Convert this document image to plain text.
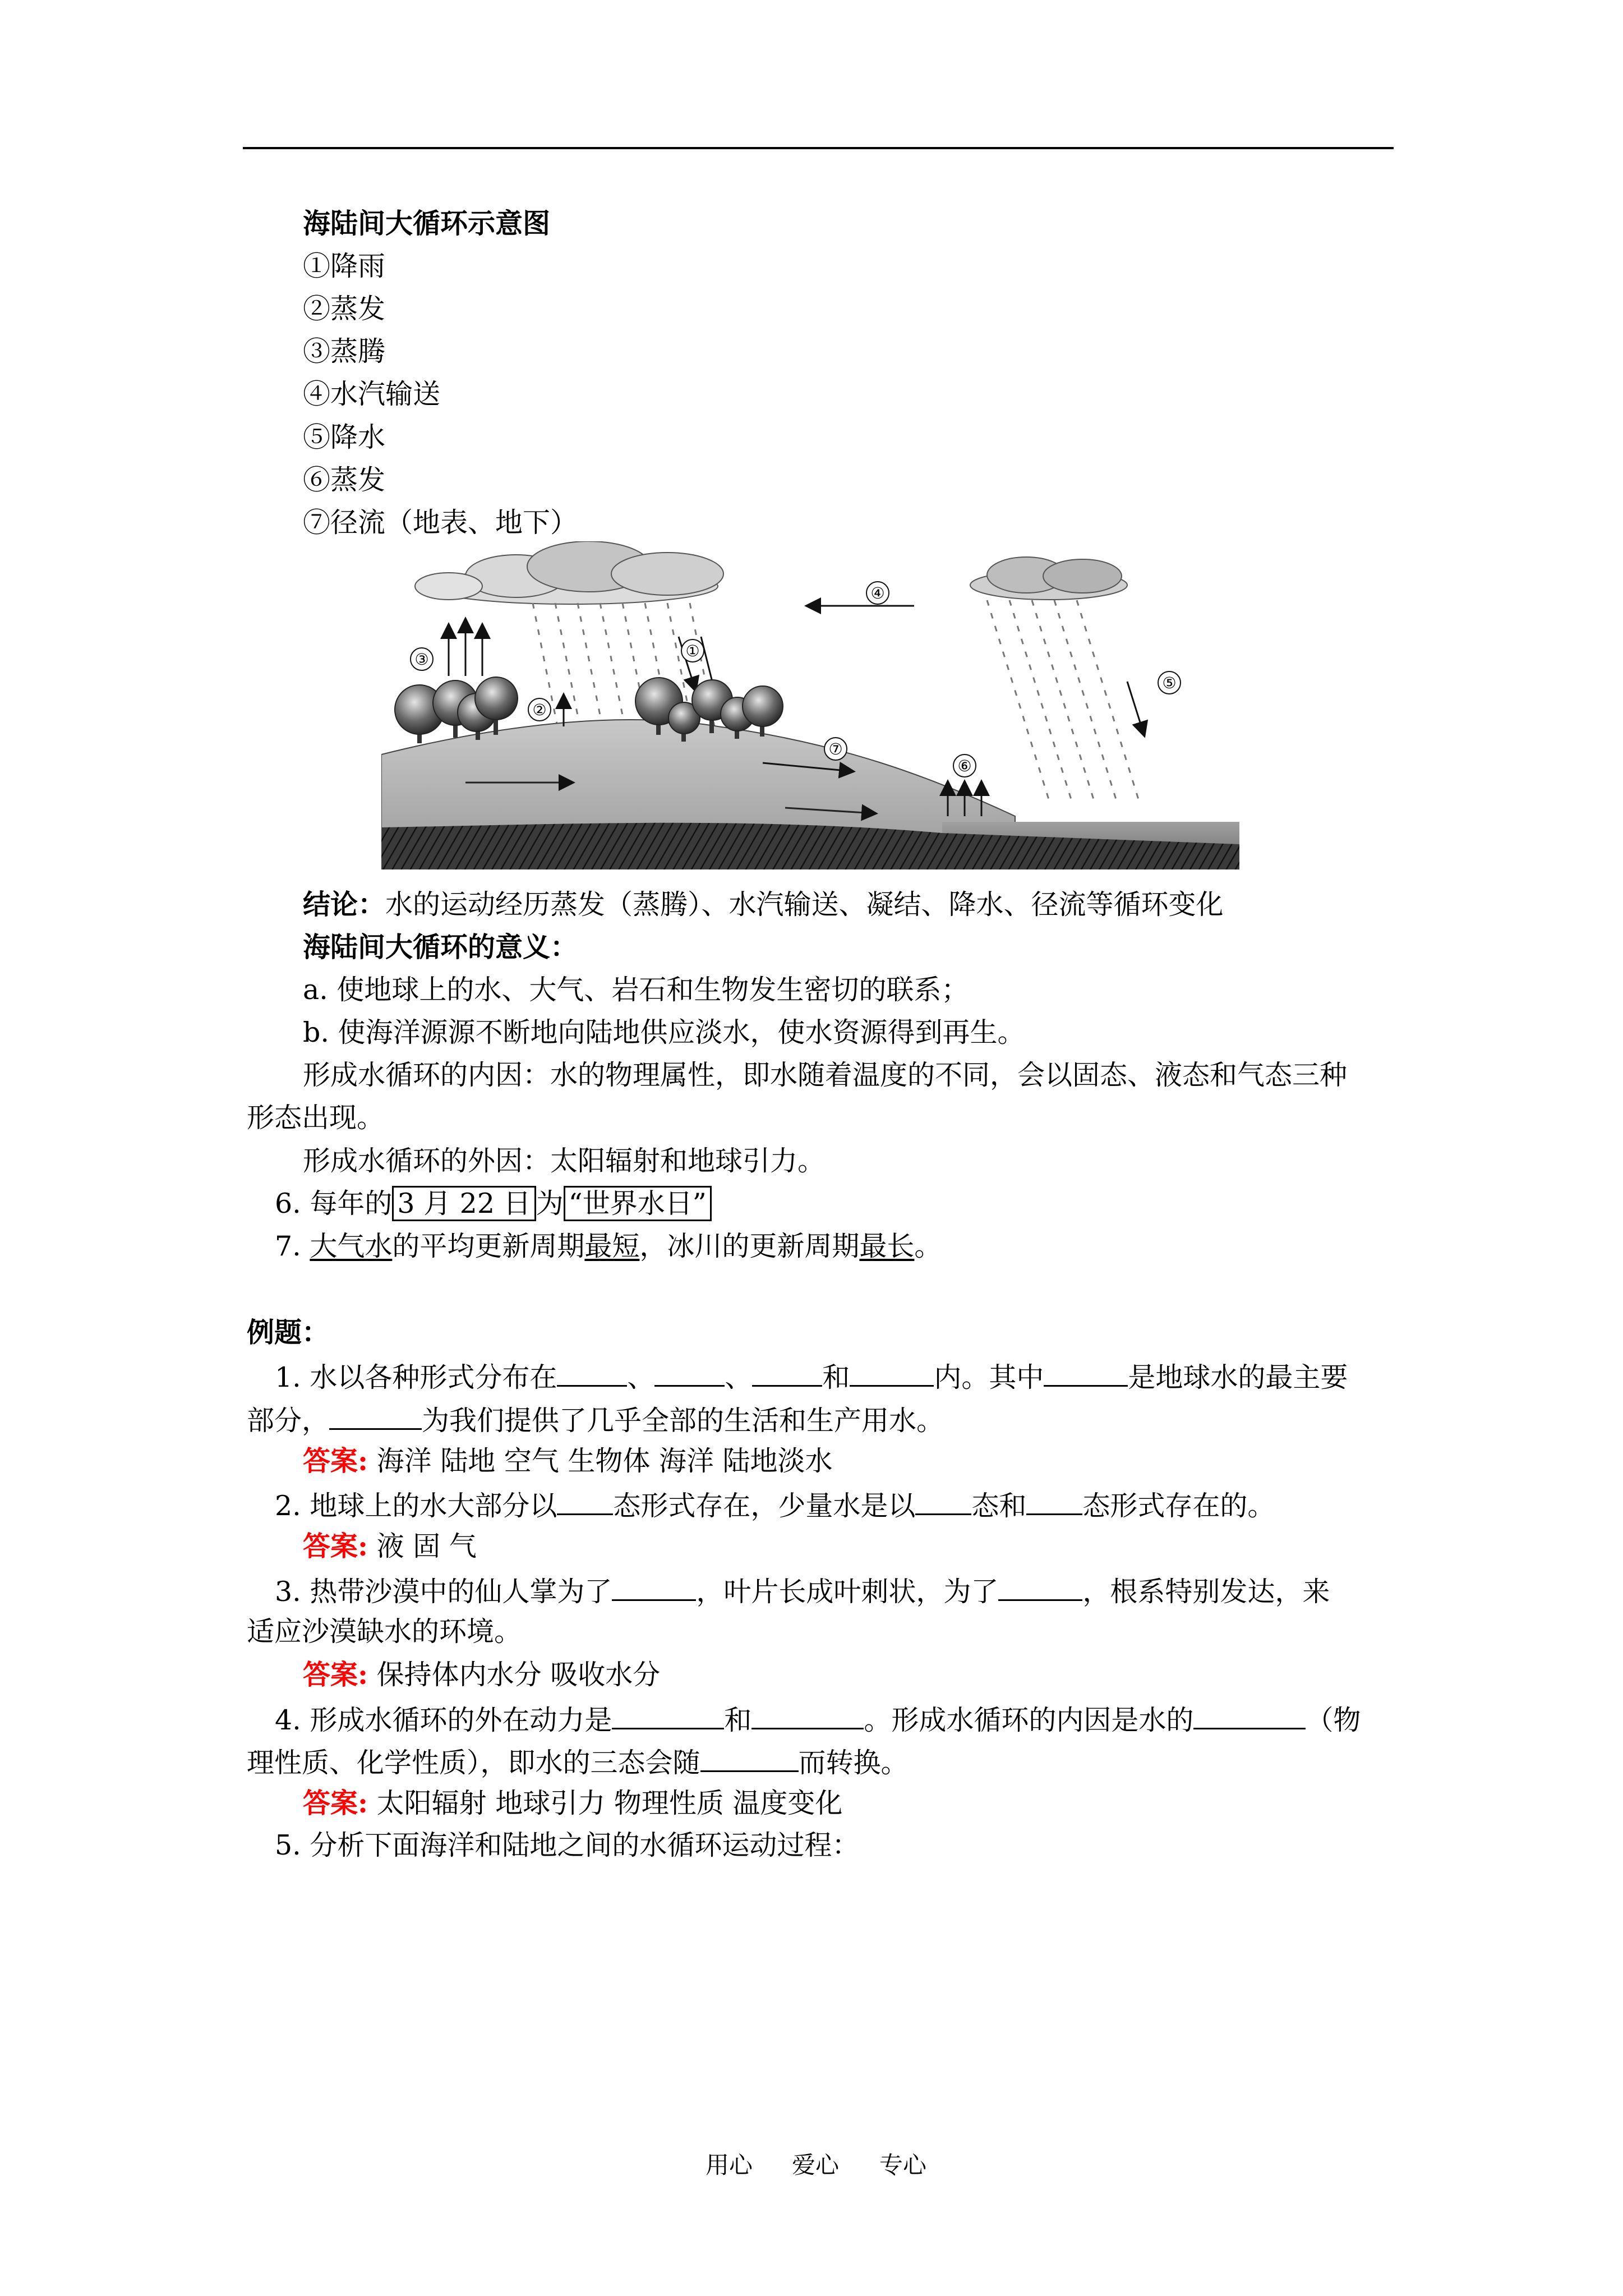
海陆间大循环示意图
①降雨
②蒸发
③蒸腾
④水汽输送
⑤降水
⑥蒸发
⑦径流（地表、地下）
④
①
⑤
③
⑦
②
⑥
结论：水的运动经历蒸发（蒸腾）、水汽输送、凝结、降水、径流等循环变化
海陆间大循环的意义：
a. 使地球上的水、大气、岩石和生物发生密切的联系；
b. 使海洋源源不断地向陆地供应淡水，使水资源得到再生。
形成水循环的内因：水的物理属性，即水随着温度的不同，会以固态、液态和气态三种
形态出现。
形成水循环的外因：太阳辐射和地球引力。
6. 每年的 3 月 22 日 为 “世界水日”
7. 大气水的平均更新周期最短，冰川的更新周期最长。
例题：
1. 水以各种形式分布在	、	、	和	内。其中	是地球水的最主要
部分，	为我们提供了几乎全部的生活和生产用水。
答案: 海洋 陆地 空气 生物体 海洋 陆地淡水
2. 地球上的水大部分以 态形式存在，少量水是以 态和 态形式存在的。
答案: 液 固 气
3. 热带沙漠中的仙人掌为了	，叶片长成叶刺状，为了	，根系特别发达，来
适应沙漠缺水的环境。
答案: 保持体内水分 吸收水分
4. 形成水循环的外在动力是	和	。形成水循环的内因是水的	（物
理性质、化学性质），即水的三态会随	而转换。
答案: 太阳辐射 地球引力 物理性质 温度变化
5. 分析下面海洋和陆地之间的水循环运动过程：
用心 爱心 专心
